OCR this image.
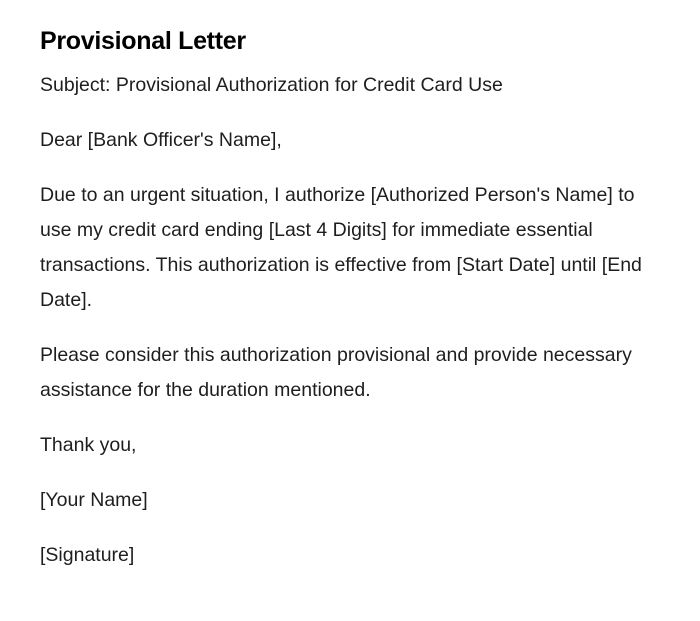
Provisional Letter

Subject: Provisional Authorization for Credit Card Use

Dear [Bank Officer's Name],

Due to an urgent situation, I authorize [Authorized Person's Name] to use my credit card ending [Last 4 Digits] for immediate essential transactions. This authorization is effective from [Start Date] until [End Date].

Please consider this authorization provisional and provide necessary assistance for the duration mentioned.

Thank you,

[Your Name]

[Signature]
